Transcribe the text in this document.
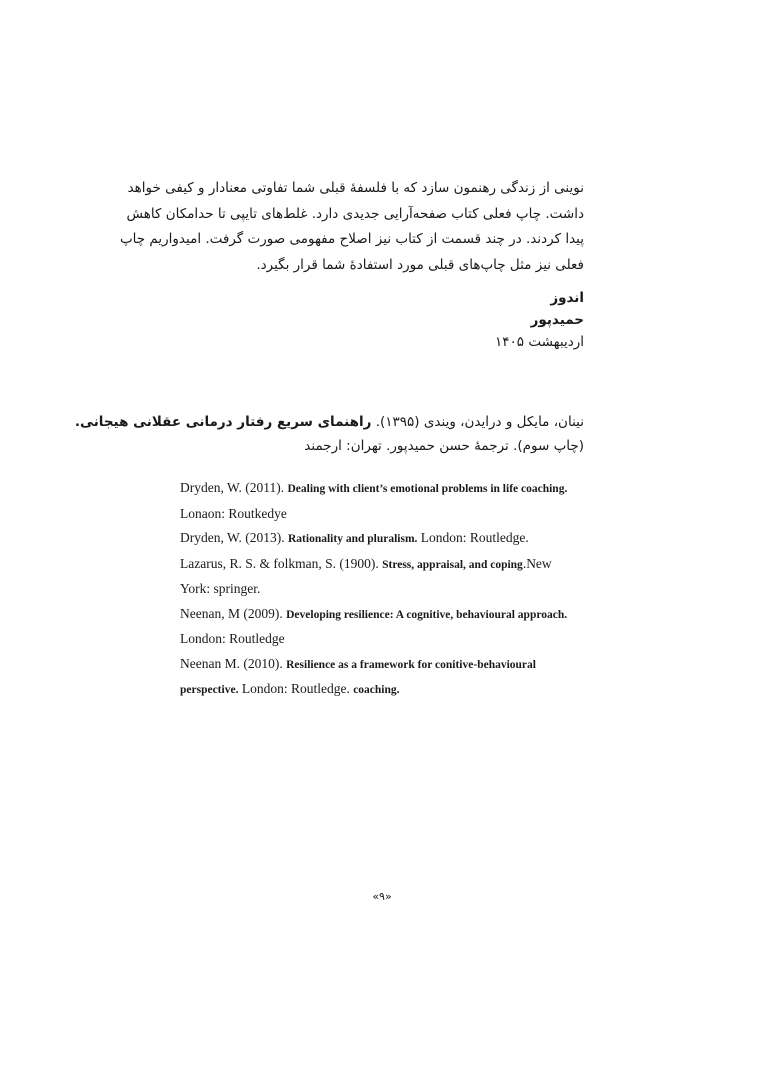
نوینی از زندگی رهنمون سازد که با فلسفهٔ قبلی شما تفاوتی معنادار و کیفی خواهد
داشت. چاپ فعلی کتاب صفحه‌آرایی جدیدی دارد. غلط‌های تایپی تا حدامکان کاهش
پیدا کردند. در چند قسمت از کتاب نیز اصلاح مفهومی صورت گرفت. امیدواریم چاپ
فعلی نیز مثل چاپ‌های قبلی مورد استفادهٔ شما قرار بگیرد.
اندوز
حمیدپور
اردیبهشت ۱۴۰۵
نینان، مایکل و درایدن، ویندی (۱۳۹۵). راهنمای سریع رفتار درمانی عقلانی هیجانی.
(چاپ سوم). ترجمهٔ حسن حمیدپور. تهران: ارجمند
Dryden, W. (2011). Dealing with client’s emotional problems in life coaching.
Lonaon: Routkedye
Dryden, W. (2013). Rationality and pluralism. London: Routledge.
Lazarus, R. S. & folkman, S. (1900). Stress, appraisal, and coping.New
York: springer.
Neenan, M (2009). Developing resilience: A cognitive, behavioural approach.
London: Routledge
Neenan M. (2010). Resilience as a framework for conitive-behavioural
perspective. London: Routledge. coaching.
«۹»
